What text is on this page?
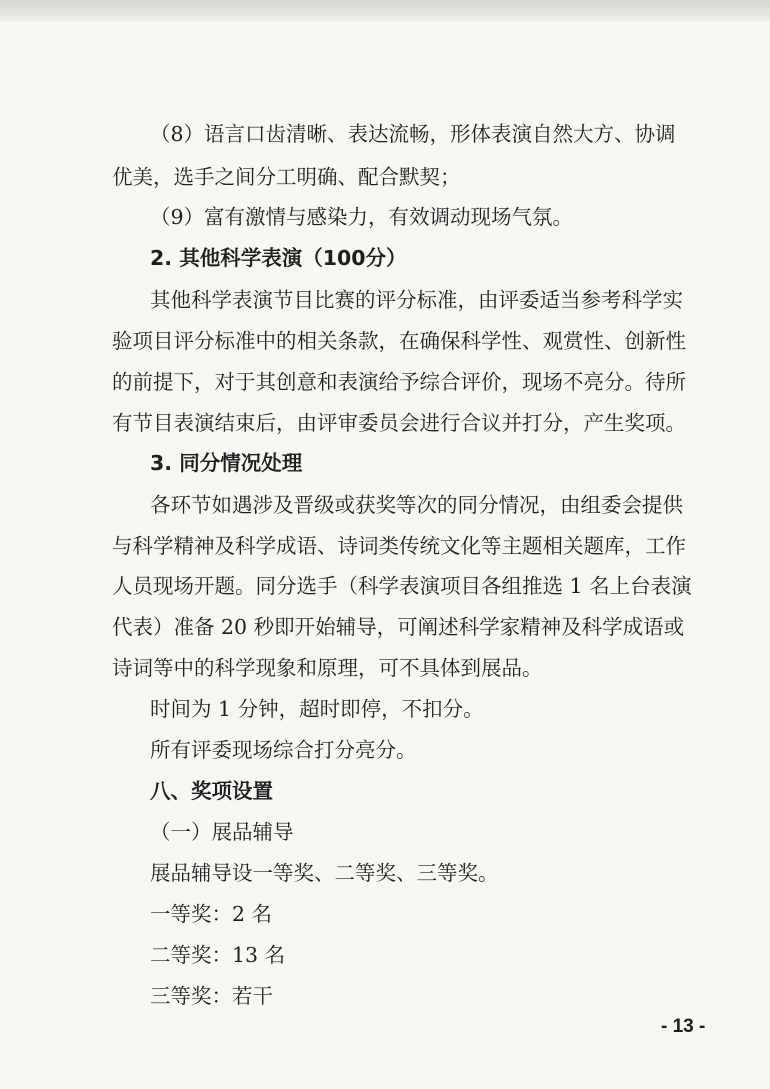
（8）语言口齿清晰、表达流畅，形体表演自然大方、协调
优美，选手之间分工明确、配合默契；
（9）富有激情与感染力，有效调动现场气氛。
2. 其他科学表演（100分）
其他科学表演节目比赛的评分标准，由评委适当参考科学实
验项目评分标准中的相关条款，在确保科学性、观赏性、创新性
的前提下，对于其创意和表演给予综合评价，现场不亮分。待所
有节目表演结束后，由评审委员会进行合议并打分，产生奖项。
3. 同分情况处理
各环节如遇涉及晋级或获奖等次的同分情况，由组委会提供
与科学精神及科学成语、诗词类传统文化等主题相关题库，工作
人员现场开题。同分选手（科学表演项目各组推选 1 名上台表演
代表）准备 20 秒即开始辅导，可阐述科学家精神及科学成语或
诗词等中的科学现象和原理，可不具体到展品。
时间为 1 分钟，超时即停，不扣分。
所有评委现场综合打分亮分。
八、奖项设置
（一）展品辅导
展品辅导设一等奖、二等奖、三等奖。
一等奖：2 名
二等奖：13 名
三等奖：若干
- 13 -
